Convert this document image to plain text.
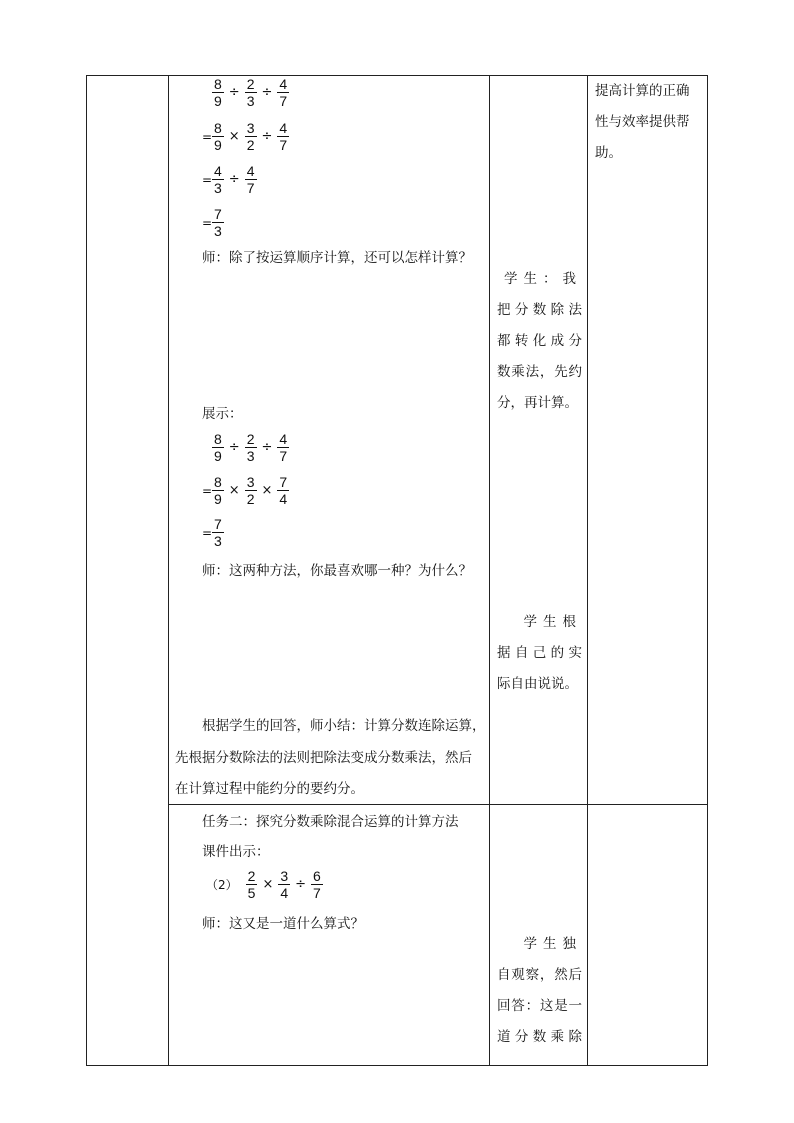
$\frac{8}{9} \div \frac{2}{3} \div \frac{4}{7}$
= $\frac{8}{9} \times \frac{3}{2} \div \frac{4}{7}$
= $\frac{4}{3} \div \frac{4}{7}$
= $\frac{7}{3}$
师：除了按运算顺序计算，还可以怎样计算？
展示：
$\frac{8}{9} \div \frac{2}{3} \div \frac{4}{7}$
= $\frac{8}{9} \times \frac{3}{2} \times \frac{7}{4}$
= $\frac{7}{3}$
师：这两种方法，你最喜欢哪一种？为什么？
根据学生的回答，师小结：计算分数连除运算，
先根据分数除法的法则把除法变成分数乘法，然后
在计算过程中能约分的要约分。
任务二：探究分数乘除混合运算的计算方法
课件出示：
$(2) \frac{2}{5} \times \frac{3}{4} \div \frac{6}{7}$
师：这又是一道什么算式？
学生：我
把 分 数 除 法
都 转 化 成 分
数 乘 法 ， 先 约
分，再计算。
学生根
据 自 己 的 实
际自由说说。
学生独
自 观 察 ， 然 后
回 答 ： 这 是 一
道 分 数 乘 除
提高计算的正确
性与效率提供帮
助。
